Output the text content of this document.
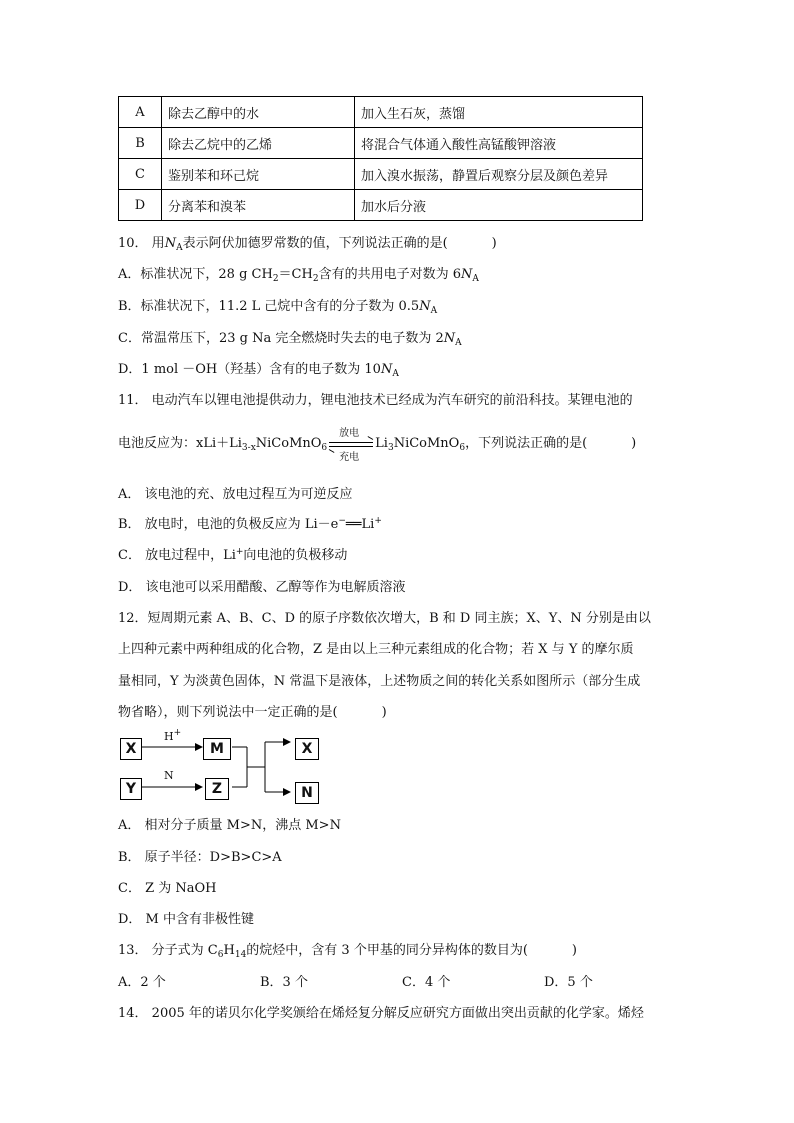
A	除去乙醇中的水	加入生石灰，蒸馏
B	除去乙烷中的乙烯	将混合气体通入酸性高锰酸钾溶液
C	鉴别苯和环己烷	加入溴水振荡，静置后观察分层及颜色差异
D	分离苯和溴苯	加水后分液
10． 用$N_A$表示阿伏加德罗常数的值，下列说法正确的是(	)
A．标准状况下，28 g $CH_2=CH_2$含有的共用电子对数为 $6N_A$
B．标准状况下，11.2 L 己烷中含有的分子数为 $0.5N_A$
C．常温常压下，23 g Na 完全燃烧时失去的电子数为 $2N_A$
D．1 mol －OH（羟基）含有的电子数为 $10N_A$
11． 电动汽车以锂电池提供动力，锂电池技术已经成为汽车研究的前沿科技。某锂电池的
电池反应为：$xLi+Li_{3-x}NiCoMnO_6$
放电
充电
$Li_3NiCoMnO_6$，下列说法正确的是(	)
A． 该电池的充、放电过程互为可逆反应
B． 放电时，电池的负极反应为 Li－e−══Li+
C． 放电过程中，Li+向电池的负极移动
D． 该电池可以采用醋酸、乙醇等作为电解质溶液
12．短周期元素 A、B、C、D 的原子序数依次增大，B 和 D 同主族；X、Y、N 分别是由以
上四种元素中两种组成的化合物，Z 是由以上三种元素组成的化合物；若 X 与 Y 的摩尔质
量相同，Y 为淡黄色固体，N 常温下是液体，上述物质之间的转化关系如图所示（部分生成
物省略），则下列说法中一定正确的是(	)
X
H+
M
Y
N
Z
X
N
A． 相对分子质量 M>N，沸点 M>N
B． 原子半径：D>B>C>A
C． Z 为 NaOH
D． M 中含有非极性键
13． 分子式为 $C_6H_{14}$的烷烃中，含有 3 个甲基的同分异构体的数目为(	)
A．2 个	B．3 个	C．4 个	D．5 个
14． 2005 年的诺贝尔化学奖颁给在烯烃复分解反应研究方面做出突出贡献的化学家。烯烃
